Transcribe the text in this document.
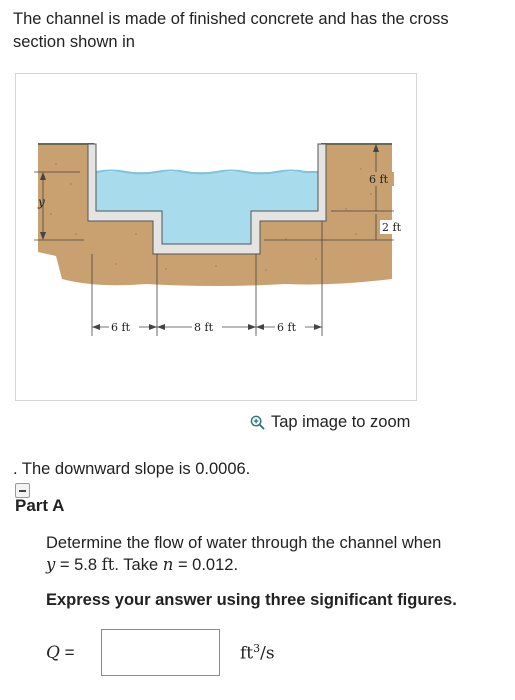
The channel is made of finished concrete and has the cross section shown in
y
6 ft
2 ft
6 ft	8 ft	6 ft
Tap image to zoom
. The downward slope is 0.0006.
Part A
Determine the flow of water through the channel when
y = 5.8 ft. Take n = 0.012.
Express your answer using three significant figures.
Q =	$ft^3/s$
